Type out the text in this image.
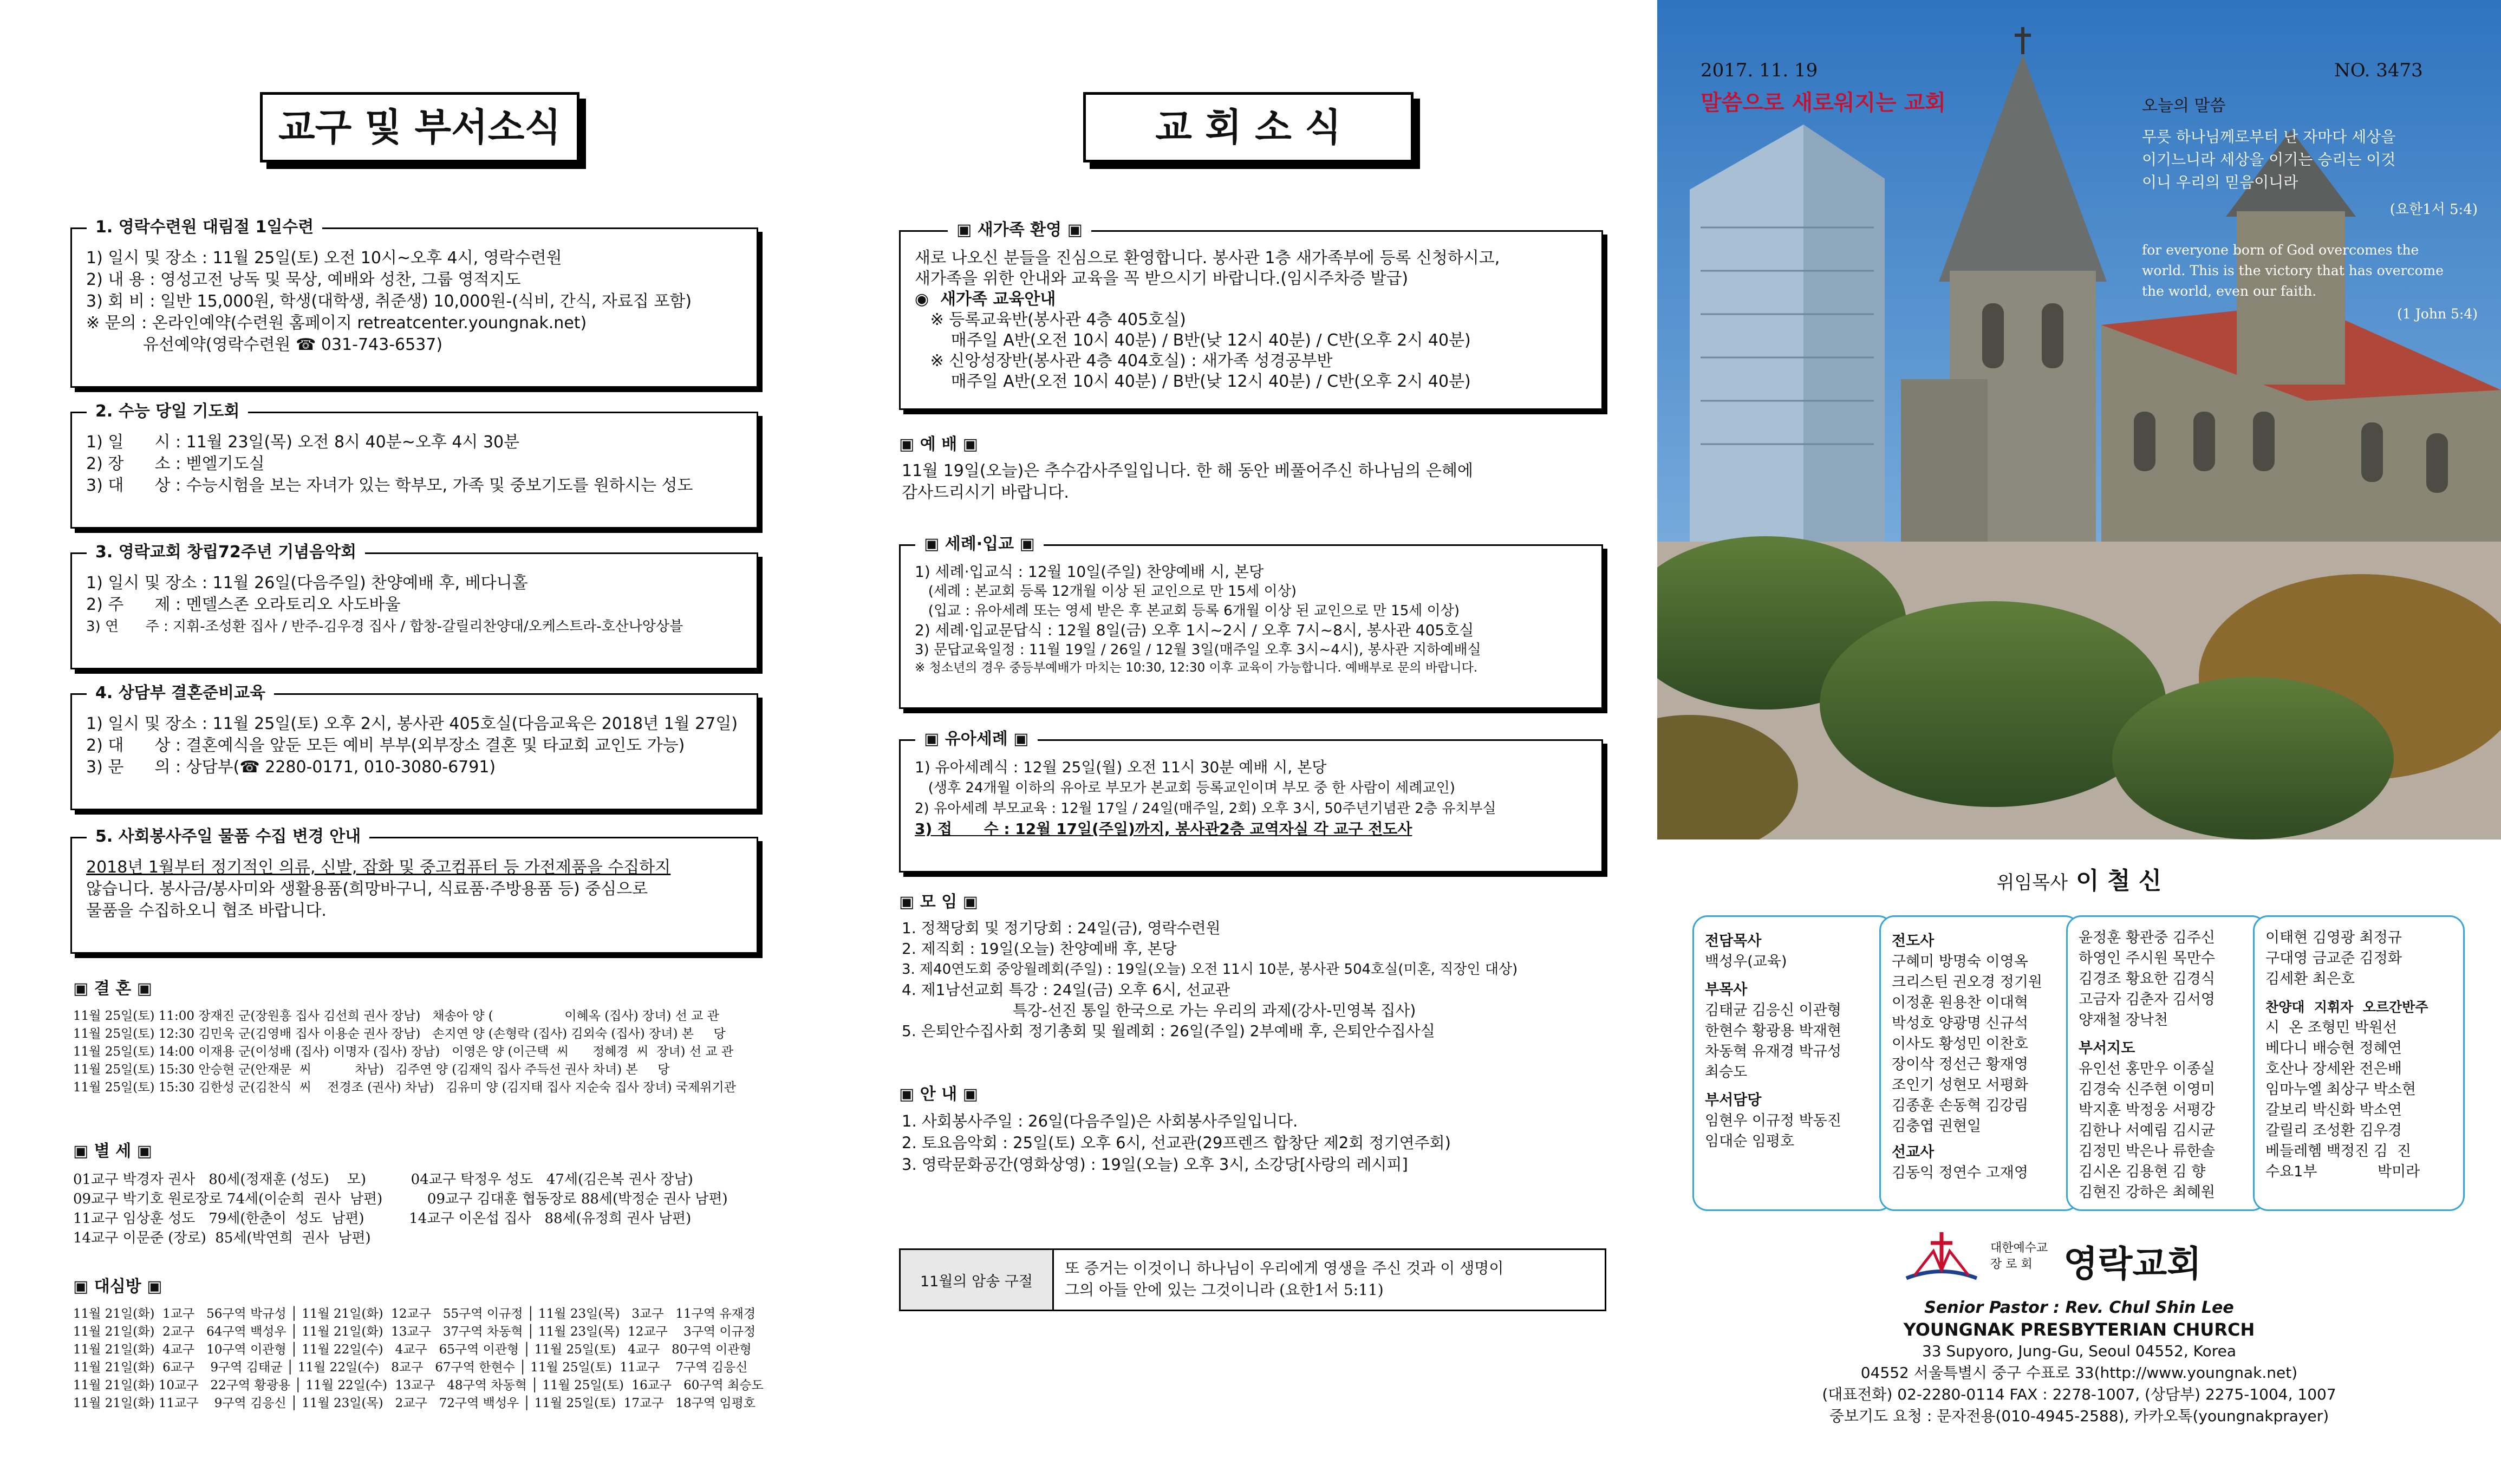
교구 및 부서소식
1) 일시 및 장소 : 11월 25일(토) 오전 10시~오후 4시, 영락수련원
2) 내 용 : 영성고전 낭독 및 묵상, 예배와 성찬, 그룹 영적지도
3) 회 비 : 일반 15,000원, 학생(대학생, 취준생) 10,000원-(식비, 간식, 자료집 포함)
※ 문의 : 온라인예약(수련원 홈페이지 retreatcenter.youngnak.net)
유선예약(영락수련원 ☎ 031-743-6537)
1. 영락수련원 대림절 1일수련
1) 일      시 : 11월 23일(목) 오전 8시 40분~오후 4시 30분
2) 장      소 : 벧엘기도실
3) 대      상 : 수능시험을 보는 자녀가 있는 학부모, 가족 및 중보기도를 원하시는 성도
2. 수능 당일 기도회
1) 일시 및 장소 : 11월 26일(다음주일) 찬양예배 후, 베다니홀
2) 주      제 : 멘델스존 오라토리오 사도바울
3) 연      주 : 지휘-조성환 집사 / 반주-김우경 집사 / 합창-갈릴리찬양대/오케스트라-호산나앙상블
3. 영락교회 창립72주년 기념음악회
1) 일시 및 장소 : 11월 25일(토) 오후 2시, 봉사관 405호실(다음교육은 2018년 1월 27일)
2) 대      상 : 결혼예식을 앞둔 모든 예비 부부(외부장소 결혼 및 타교회 교인도 가능)
3) 문      의 : 상담부(☎ 2280-0171, 010-3080-6791)
4. 상담부 결혼준비교육
2018년 1월부터 정기적인 의류, 신발, 잡화 및 중고컴퓨터 등 가전제품을 수집하지
않습니다. 봉사금/봉사미와 생활용품(희망바구니, 식료품·주방용품 등) 중심으로
물품을 수집하오니 협조 바랍니다.
5. 사회봉사주일 물품 수집 변경 안내
▣ 결 혼 ▣
11월 25일(토) 11:00 장재진 군(장원흥 집사 김선희 권사 장남)   채송아 양 (                  이혜옥 (집사) 장녀) 선 교 관
11월 25일(토) 12:30 김민욱 군(김영배 집사 이용순 권사 장남)   손지연 양 (손형락 (집사) 김외숙 (집사) 장녀) 본     당
11월 25일(토) 14:00 이재용 군(이성배 (집사) 이명자 (집사) 장남)   이영은 양 (이근택  씨      정혜경  씨  장녀) 선 교 관
11월 25일(토) 15:30 안승현 군(안재문  씨           차남)   김주연 양 (김재익 집사 주득선 권사 차녀) 본     당
11월 25일(토) 15:30 김한성 군(김찬식  씨    전경조 (권사) 차남)   김유미 양 (김지태 집사 지순숙 집사 장녀) 국제위기관
▣ 별 세 ▣
01교구 박경자 권사   80세(정재훈 (성도)    모)          04교구 탁정우 성도   47세(김은복 권사 장남)
09교구 박기호 원로장로 74세(이순희  권사  남편)          09교구 김대훈 협동장로 88세(박정순 권사 남편)
11교구 임상훈 성도   79세(한춘이  성도  남편)          14교구 이온섭 집사   88세(유정희 권사 남편)
14교구 이문준 (장로)  85세(박연희  권사  남편)
▣ 대심방 ▣
11월 21일(화)  1교구   56구역 박규성 │ 11월 21일(화)  12교구   55구역 이규정 │ 11월 23일(목)   3교구   11구역 유재경
11월 21일(화)  2교구   64구역 백성우 │ 11월 21일(화)  13교구   37구역 차동혁 │ 11월 23일(목)  12교구    3구역 이규정
11월 21일(화)  4교구   10구역 이관형 │ 11월 22일(수)   4교구   65구역 이관형 │ 11월 25일(토)   4교구   80구역 이관형
11월 21일(화)  6교구    9구역 김태균 │ 11월 22일(수)   8교구   67구역 한현수 │ 11월 25일(토)  11교구    7구역 김응신
11월 21일(화) 10교구   22구역 황광용 │ 11월 22일(수)  13교구   48구역 차동혁 │ 11월 25일(토)  16교구   60구역 최승도
11월 21일(화) 11교구    9구역 김응신 │ 11월 23일(목)   2교구   72구역 백성우 │ 11월 25일(토)  17교구   18구역 임평호
교 회 소 식
새로 나오신 분들을 진심으로 환영합니다. 봉사관 1층 새가족부에 등록 신청하시고,
새가족을 위한 안내와 교육을 꼭 받으시기 바랍니다.(임시주차증 발급)
◉  새가족 교육안내
※ 등록교육반(봉사관 4층 405호실)
매주일 A반(오전 10시 40분) / B반(낮 12시 40분) / C반(오후 2시 40분)
※ 신앙성장반(봉사관 4층 404호실) : 새가족 성경공부반
매주일 A반(오전 10시 40분) / B반(낮 12시 40분) / C반(오후 2시 40분)
▣ 새가족 환영 ▣
▣ 예 배 ▣
11월 19일(오늘)은 추수감사주일입니다. 한 해 동안 베풀어주신 하나님의 은혜에
감사드리시기 바랍니다.
1) 세례·입교식 : 12월 10일(주일) 찬양예배 시, 본당
(세례 : 본교회 등록 12개월 이상 된 교인으로 만 15세 이상)
(입교 : 유아세례 또는 영세 받은 후 본교회 등록 6개월 이상 된 교인으로 만 15세 이상)
2) 세례·입교문답식 : 12월 8일(금) 오후 1시~2시 / 오후 7시~8시, 봉사관 405호실
3) 문답교육일정 : 11월 19일 / 26일 / 12월 3일(매주일 오후 3시~4시), 봉사관 지하예배실
※ 청소년의 경우 중등부예배가 마치는 10:30, 12:30 이후 교육이 가능합니다. 예배부로 문의 바랍니다.
▣ 세례·입교 ▣
1) 유아세례식 : 12월 25일(월) 오전 11시 30분 예배 시, 본당
(생후 24개월 이하의 유아로 부모가 본교회 등록교인이며 부모 중 한 사람이 세례교인)
2) 유아세례 부모교육 : 12월 17일 / 24일(매주일, 2회) 오후 3시, 50주년기념관 2층 유치부실
3) 접      수 : 12월 17일(주일)까지, 봉사관2층 교역자실 각 교구 전도사
▣ 유아세례 ▣
▣ 모 임 ▣
1. 정책당회 및 정기당회 : 24일(금), 영락수련원
2. 제직회 : 19일(오늘) 찬양예배 후, 본당
3. 제40연도회 중앙월례회(주일) : 19일(오늘) 오전 11시 10분, 봉사관 504호실(미혼, 직장인 대상)
4. 제1남선교회 특강 : 24일(금) 오후 6시, 선교관
특강-선진 통일 한국으로 가는 우리의 과제(강사-민영복 집사)
5. 은퇴안수집사회 정기총회 및 월례회 : 26일(주일) 2부예배 후, 은퇴안수집사실
▣ 안 내 ▣
1. 사회봉사주일 : 26일(다음주일)은 사회봉사주일입니다.
2. 토요음악회 : 25일(토) 오후 6시, 선교관(29프렌즈 합창단 제2회 정기연주회)
3. 영락문화공간(영화상영) : 19일(오늘) 오후 3시, 소강당[사랑의 레시피]
11월의 암송 구절
또 증거는 이것이니 하나님이 우리에게 영생을 주신 것과 이 생명이
그의 아들 안에 있는 그것이니라 (요한1서 5:11)
2017. 11. 19
말씀으로 새로워지는 교회
NO. 3473
오늘의 말씀
무릇 하나님께로부터 난 자마다 세상을
이기느니라 세상을 이기는 승리는 이것
이니 우리의 믿음이니라
(요한1서 5:4)
for everyone born of God overcomes the
world. This is the victory that has overcome
the world, even our faith.
(1 John 5:4)
위임목사 이 철 신
전담목사
백성우(교육)
부목사
김태균 김응신 이관형
한현수 황광용 박재현
차동혁 유재경 박규성
최승도
부서담당
임현우 이규정 박동진
임대순 임평호
전도사
구혜미 방명숙 이영옥
크리스틴 권오경 정기원
이정훈 원용찬 이대혁
박성호 양광명 신규석
이사도 황성민 이찬호
장이삭 정선근 황재영
조인기 성현모 서평화
김종훈 손동혁 김강림
김충엽 권현일
선교사
김동익 정연수 고재영
윤정훈 황관중 김주신
하영인 주시원 목만수
김경조 황요한 김경식
고금자 김춘자 김서영
양재철 장낙천
부서지도
유인선 홍만우 이종실
김경숙 신주현 이영미
박지훈 박정웅 서평강
김한나 서예림 김시균
김정민 박은나 류한솔
김시온 김용현 김 향
김현진 강하은 최혜원
이태현 김영광 최정규
구대영 금교준 김정화
김세환 최은호
찬양대  지휘자  오르간반주
시  온 조형민 박원선
베다니 배승현 정혜연
호산나 장세완 전은배
임마누엘 최상구 박소현
갈보리 박신화 박소연
갈릴리 조성환 김우경
베들레헴 백정진 김  진
수요1부             박미라
대한예수교
장 로 회 영락교회
Senior Pastor : Rev. Chul Shin Lee
YOUNGNAK PRESBYTERIAN CHURCH
33 Supyoro, Jung-Gu, Seoul 04552, Korea
04552 서울특별시 중구 수표로 33(http://www.youngnak.net)
(대표전화) 02-2280-0114 FAX : 2278-1007, (상담부) 2275-1004, 1007
중보기도 요청 : 문자전용(010-4945-2588), 카카오톡(youngnakprayer)
